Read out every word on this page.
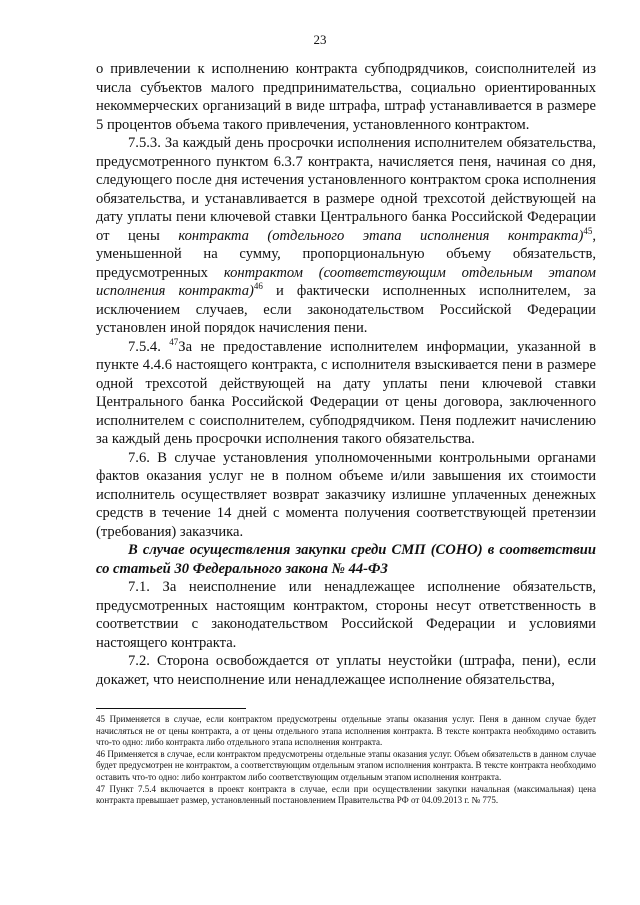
23

о привлечении к исполнению контракта субподрядчиков, соисполнителей из числа субъектов малого предпринимательства, социально ориентированных некоммерческих организаций в виде штрафа, штраф устанавливается в размере 5 процентов объема такого привлечения, установленного контрактом.

7.5.3. За каждый день просрочки исполнения исполнителем обязательства, предусмотренного пунктом 6.3.7 контракта, начисляется пеня, начиная со дня, следующего после дня истечения установленного контрактом срока исполнения обязательства, и устанавливается в размере одной трехсотой действующей на дату уплаты пени ключевой ставки Центрального банка Российской Федерации от цены контракта (отдельного этапа исполнения контракта)$^{45}$, уменьшенной на сумму, пропорциональную объему обязательств, предусмотренных контрактом (соответствующим отдельным этапом исполнения контракта)$^{46}$ и фактически исполненных исполнителем, за исключением случаев, если законодательством Российской Федерации установлен иной порядок начисления пени.

7.5.4. $^{47}$За не предоставление исполнителем информации, указанной в пункте 4.4.6 настоящего контракта, с исполнителя взыскивается пени в размере одной трехсотой действующей на дату уплаты пени ключевой ставки Центрального банка Российской Федерации от цены договора, заключенного исполнителем с соисполнителем, субподрядчиком. Пеня подлежит начислению за каждый день просрочки исполнения такого обязательства.

7.6. В случае установления уполномоченными контрольными органами фактов оказания услуг не в полном объеме и/или завышения их стоимости исполнитель осуществляет возврат заказчику излишне уплаченных денежных средств в течение 14 дней с момента получения соответствующей претензии (требования) заказчика.

В случае осуществления закупки среди СМП (СОНО) в соответствии со статьей 30 Федерального закона № 44-ФЗ

7.1. За неисполнение или ненадлежащее исполнение обязательств, предусмотренных настоящим контрактом, стороны несут ответственность в соответствии с законодательством Российской Федерации и условиями настоящего контракта.

7.2. Сторона освобождается от уплаты неустойки (штрафа, пени), если докажет, что неисполнение или ненадлежащее исполнение обязательства,

45 Применяется в случае, если контрактом предусмотрены отдельные этапы оказания услуг. Пеня в данном случае будет начисляться не от цены контракта, а от цены отдельного этапа исполнения контракта. В тексте контракта необходимо оставить что-то одно: либо контракта либо отдельного этапа исполнения контракта.

46 Применяется в случае, если контрактом предусмотрены отдельные этапы оказания услуг. Объем обязательств в данном случае будет предусмотрен не контрактом, а соответствующим отдельным этапом исполнения контракта. В тексте контракта необходимо оставить что-то одно: либо контрактом либо соответствующим отдельным этапом исполнения контракта.

47 Пункт 7.5.4 включается в проект контракта в случае, если при осуществлении закупки начальная (максимальная) цена контракта превышает размер, установленный постановлением Правительства РФ от 04.09.2013 г. № 775.
